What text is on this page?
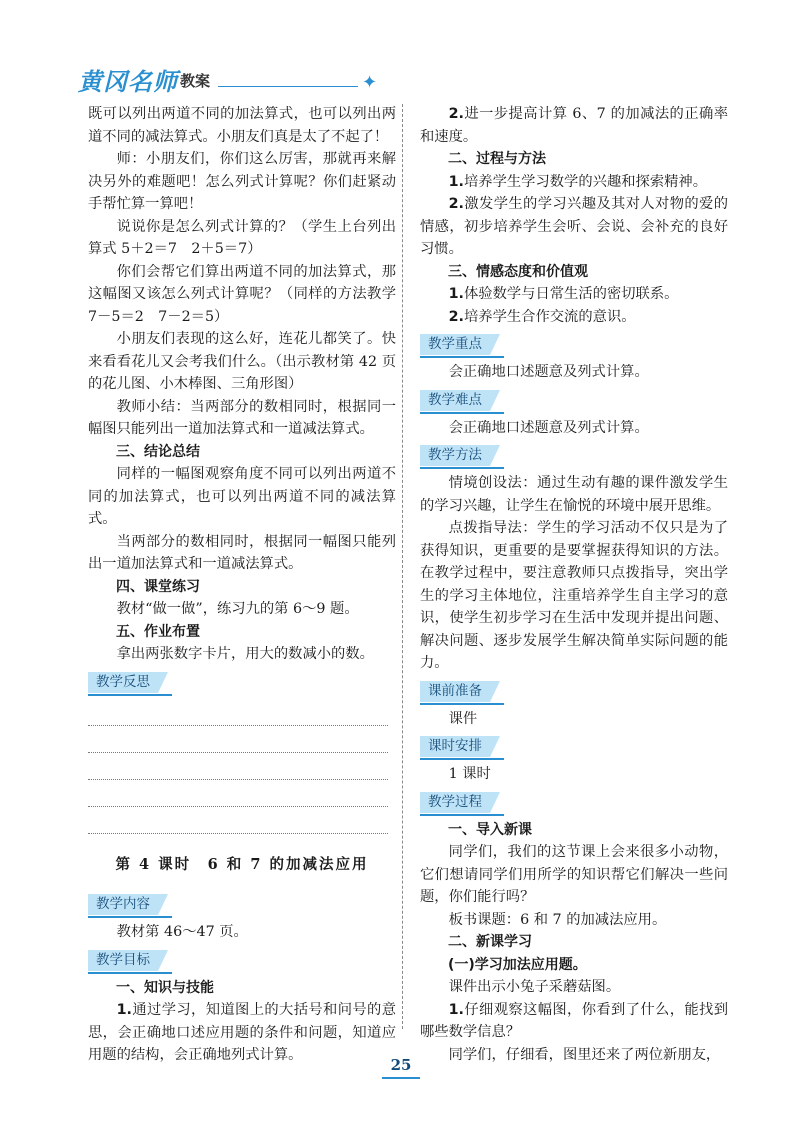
黄冈名师 教案	✦

既可以列出两道不同的加法算式，也可以列出两道不同的减法算式。小朋友们真是太了不起了！

师：小朋友们，你们这么厉害，那就再来解决另外的难题吧！怎么列式计算呢？你们赶紧动手帮忙算一算吧！

说说你是怎么列式计算的？（学生上台列出算式 5＋2＝7　2＋5＝7）

你们会帮它们算出两道不同的加法算式，那这幅图又该怎么列式计算呢？（同样的方法教学 7－5＝2　7－2＝5）

小朋友们表现的这么好，连花儿都笑了。快来看看花儿又会考我们什么。（出示教材第 42 页的花儿图、小木棒图、三角形图）

教师小结：当两部分的数相同时，根据同一幅图只能列出一道加法算式和一道减法算式。

三、结论总结

同样的一幅图观察角度不同可以列出两道不同的加法算式，也可以列出两道不同的减法算式。

当两部分的数相同时，根据同一幅图只能列出一道加法算式和一道减法算式。

四、课堂练习

教材“做一做”，练习九的第 6～9 题。

五、作业布置

拿出两张数字卡片，用大的数减小的数。

教学反思
第 4 课时　6 和 7 的加减法应用
教学内容

教材第 46～47 页。

教学目标
一、知识与技能

1.通过学习，知道图上的大括号和问号的意思，会正确地口述应用题的条件和问题，知道应用题的结构，会正确地列式计算。

2.进一步提高计算 6、7 的加减法的正确率和速度。

二、过程与方法

1.培养学生学习数学的兴趣和探索精神。

2.激发学生的学习兴趣及其对人对物的爱的情感，初步培养学生会听、会说、会补充的良好习惯。

三、情感态度和价值观

1.体验数学与日常生活的密切联系。

2.培养学生合作交流的意识。

教学重点

会正确地口述题意及列式计算。

教学难点

会正确地口述题意及列式计算。

教学方法

情境创设法：通过生动有趣的课件激发学生的学习兴趣，让学生在愉悦的环境中展开思维。

点拨指导法：学生的学习活动不仅只是为了获得知识，更重要的是要掌握获得知识的方法。在教学过程中，要注意教师只点拨指导，突出学生的学习主体地位，注重培养学生自主学习的意识，使学生初步学习在生活中发现并提出问题、解决问题、逐步发展学生解决简单实际问题的能力。

课前准备

课件

课时安排

1 课时

教学过程
一、导入新课

同学们，我们的这节课上会来很多小动物，它们想请同学们用所学的知识帮它们解决一些问题，你们能行吗？

板书课题：6 和 7 的加减法应用。

二、新课学习
(一)学习加法应用题。

课件出示小兔子采蘑菇图。

1.仔细观察这幅图，你看到了什么，能找到哪些数学信息？

同学们，仔细看，图里还来了两位新朋友，

25
